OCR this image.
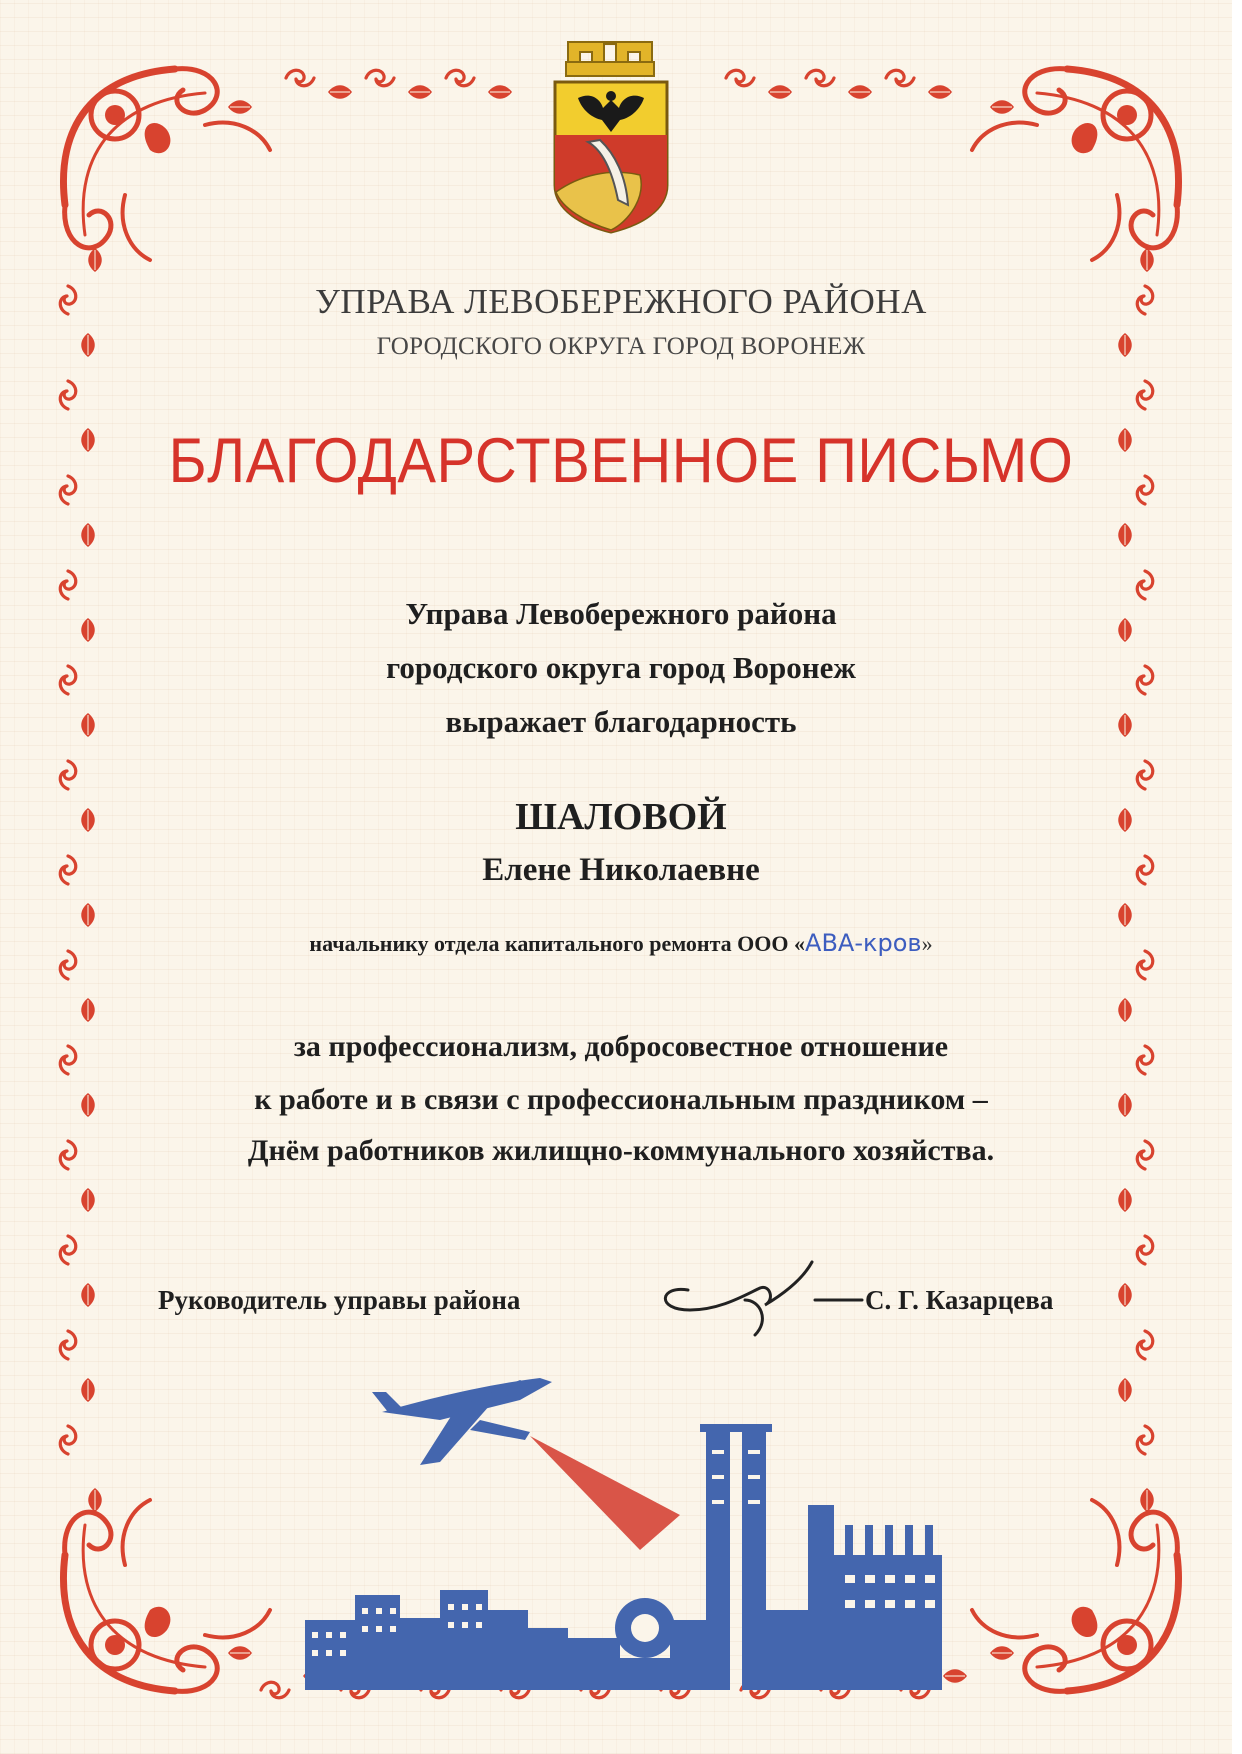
УПРАВА ЛЕВОБЕРЕЖНОГО РАЙОНА

ГОРОДСКОГО ОКРУГА ГОРОД ВОРОНЕЖ

БЛАГОДАРСТВЕННОЕ ПИСЬМО

Управа Левобережного района

городского округа город Воронеж

выражает благодарность

ШАЛОВОЙ

Елене Николаевне

начальнику отдела капитального ремонта ООО «АВА-кров»

за профессионализм, добросовестное отношение

к работе и в связи с профессиональным праздником –

Днём работников жилищно-коммунального хозяйства.

Руководитель управы района	С. Г. Казарцева
